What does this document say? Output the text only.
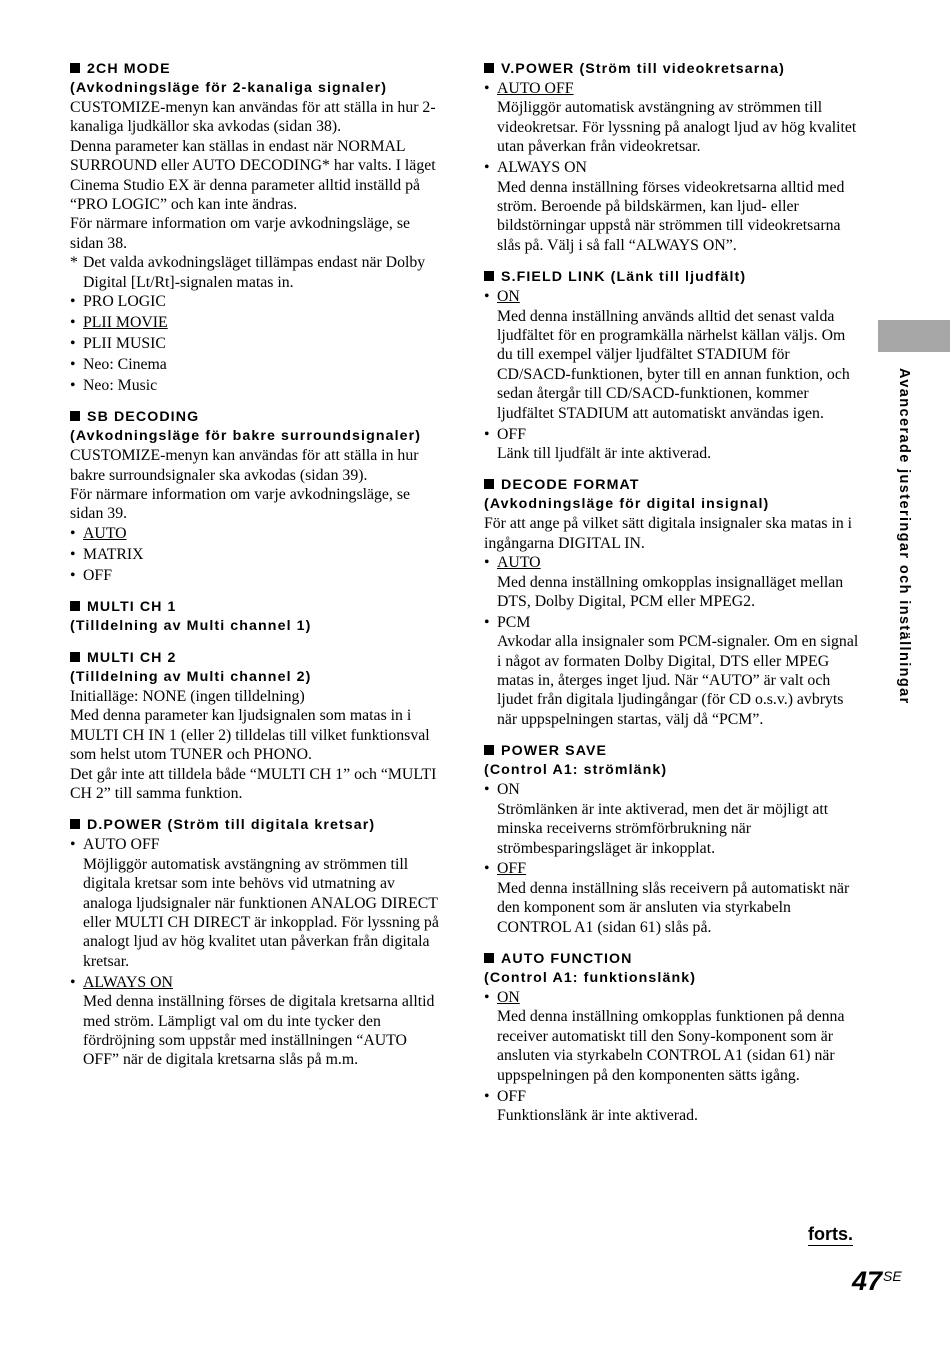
2CH MODE
(Avkodningsläge för 2-kanaliga signaler)

CUSTOMIZE-menyn kan användas för att ställa in hur 2-kanaliga ljudkällor ska avkodas (sidan 38).

Denna parameter kan ställas in endast när NORMAL SURROUND eller AUTO DECODING* har valts. I läget Cinema Studio EX är denna parameter alltid inställd på “PRO LOGIC” och kan inte ändras.

För närmare information om varje avkodningsläge, se sidan 38.

* Det valda avkodningsläget tillämpas endast när Dolby Digital [Lt/Rt]-signalen matas in.

• PRO LOGIC
• PLII MOVIE
• PLII MUSIC
• Neo: Cinema
• Neo: Music
SB DECODING
(Avkodningsläge för bakre surroundsignaler)

CUSTOMIZE-menyn kan användas för att ställa in hur bakre surroundsignaler ska avkodas (sidan 39).

För närmare information om varje avkodningsläge, se sidan 39.

• AUTO
• MATRIX
• OFF
MULTI CH 1
(Tilldelning av Multi channel 1)
MULTI CH 2
(Tilldelning av Multi channel 2)

Initialläge: NONE (ingen tilldelning)

Med denna parameter kan ljudsignalen som matas in i MULTI CH IN 1 (eller 2) tilldelas till vilket funktionsval som helst utom TUNER och PHONO.

Det går inte att tilldela både “MULTI CH 1” och “MULTI CH 2” till samma funktion.

D.POWER (Ström till digitala kretsar)
• AUTO OFF
Möjliggör automatisk avstängning av strömmen till digitala kretsar som inte behövs vid utmatning av analoga ljudsignaler när funktionen ANALOG DIRECT eller MULTI CH DIRECT är inkopplad. För lyssning på analogt ljud av hög kvalitet utan påverkan från digitala kretsar.
• ALWAYS ON
Med denna inställning förses de digitala kretsarna alltid med ström. Lämpligt val om du inte tycker den fördröjning som uppstår med inställningen “AUTO OFF” när de digitala kretsarna slås på m.m.
V.POWER (Ström till videokretsarna)
• AUTO OFF
Möjliggör automatisk avstängning av strömmen till videokretsar. För lyssning på analogt ljud av hög kvalitet utan påverkan från videokretsar.
• ALWAYS ON
Med denna inställning förses videokretsarna alltid med ström. Beroende på bildskärmen, kan ljud- eller bildstörningar uppstå när strömmen till videokretsarna slås på. Välj i så fall “ALWAYS ON”.
S.FIELD LINK (Länk till ljudfält)
• ON
Med denna inställning används alltid det senast valda ljudfältet för en programkälla närhelst källan väljs. Om du till exempel väljer ljudfältet STADIUM för CD/SACD-funktionen, byter till en annan funktion, och sedan återgår till CD/SACD-funktionen, kommer ljudfältet STADIUM att automatiskt användas igen.
• OFF
Länk till ljudfält är inte aktiverad.
DECODE FORMAT
(Avkodningsläge för digital insignal)

För att ange på vilket sätt digitala insignaler ska matas in i ingångarna DIGITAL IN.

• AUTO
Med denna inställning omkopplas insignalläget mellan DTS, Dolby Digital, PCM eller MPEG2.
• PCM
Avkodar alla insignaler som PCM-signaler. Om en signal i något av formaten Dolby Digital, DTS eller MPEG matas in, återges inget ljud. När “AUTO” är valt och ljudet från digitala ljudingångar (för CD o.s.v.) avbryts när uppspelningen startas, välj då “PCM”.
POWER SAVE
(Control A1: strömlänk)
• ON
Strömlänken är inte aktiverad, men det är möjligt att minska receiverns strömförbrukning när strömbesparingsläget är inkopplat.
• OFF
Med denna inställning slås receivern på automatiskt när den komponent som är ansluten via styrkabeln CONTROL A1 (sidan 61) slås på.
AUTO FUNCTION
(Control A1: funktionslänk)
• ON
Med denna inställning omkopplas funktionen på denna receiver automatiskt till den Sony-komponent som är ansluten via styrkabeln CONTROL A1 (sidan 61) när uppspelningen på den komponenten sätts igång.
• OFF
Funktionslänk är inte aktiverad.
Avancerade justeringar och inställningar
forts.
47SE
